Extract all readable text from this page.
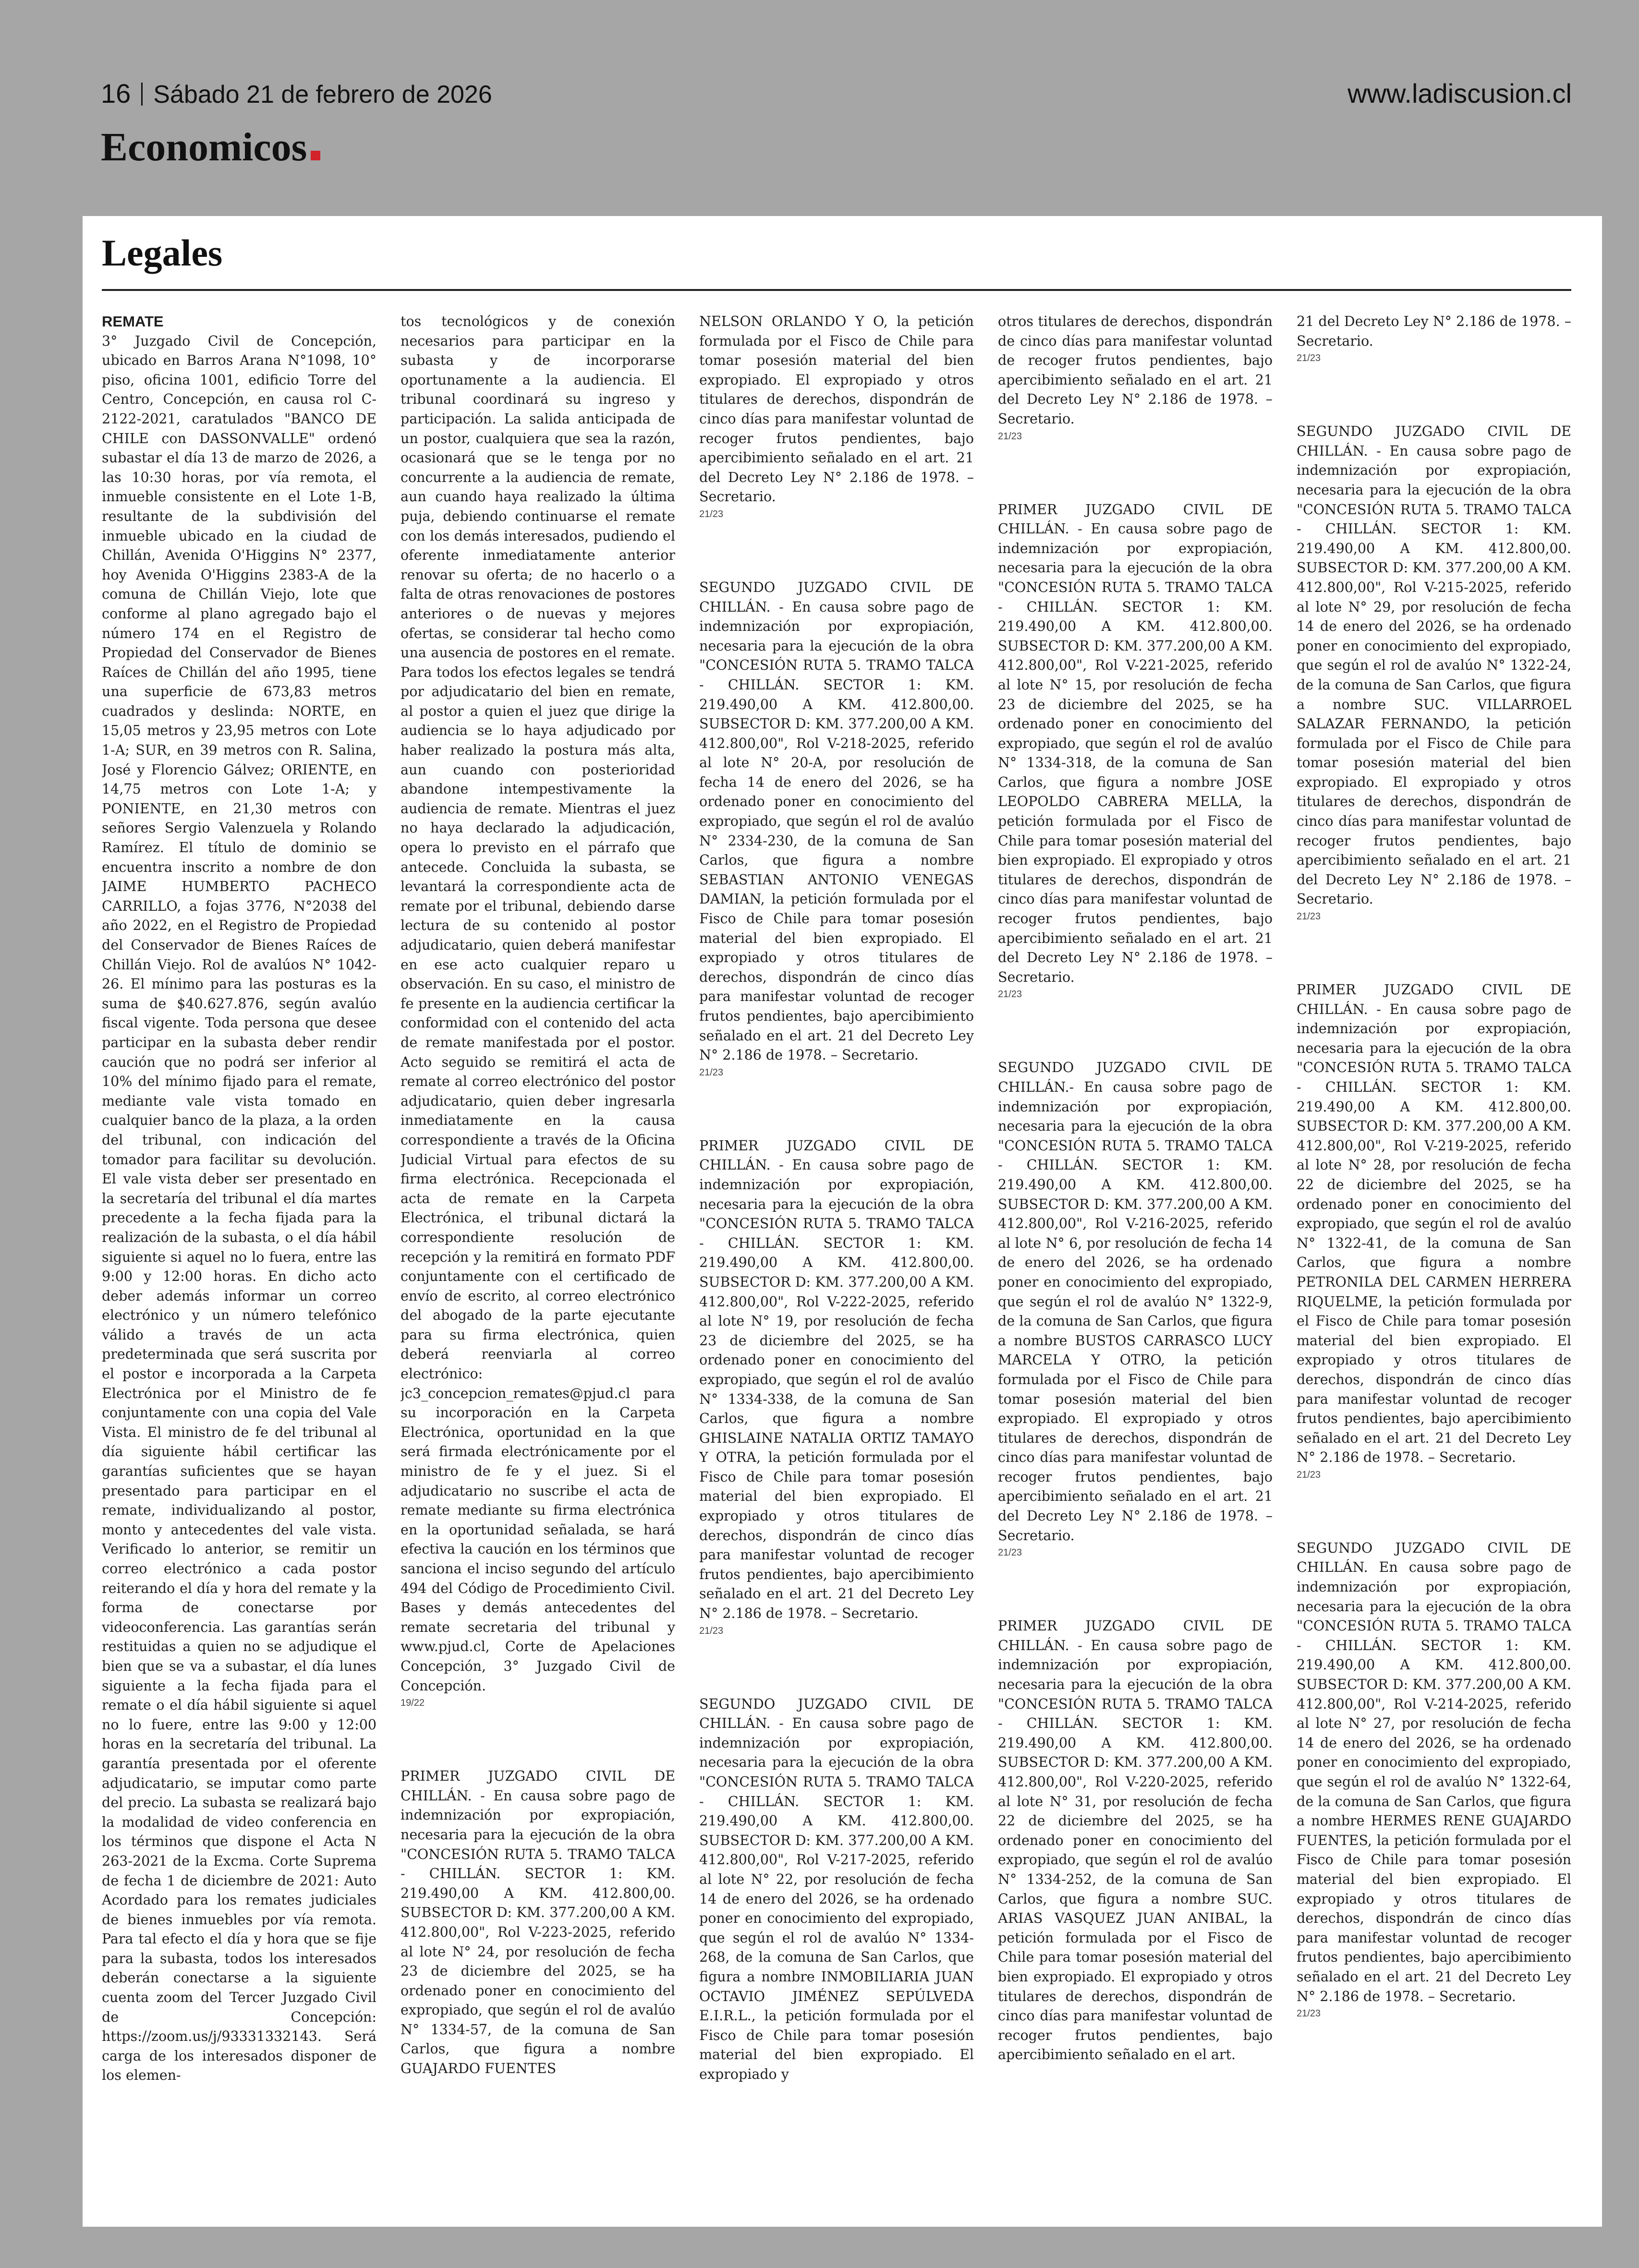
16 Sábado 21 de febrero de 2026	www.ladiscusion.cl
Economicos
Legales
REMATE
3° Juzgado Civil de Concepción, ubicado en Barros Arana N°1098, 10° piso, oficina 1001, edificio Torre del Centro, Concepción, en causa rol C-2122-2021, caratulados "BANCO DE CHILE con DASSONVALLE" ordenó subastar el día 13 de marzo de 2026, a las 10:30 horas, por vía remota, el inmueble consistente en el Lote 1-B, resultante de la subdivisión del inmueble ubicado en la ciudad de Chillán, Avenida O'Higgins N° 2377, hoy Avenida O'Higgins 2383-A de la comuna de Chillán Viejo, lote que conforme al plano agregado bajo el número 174 en el Registro de Propiedad del Conservador de Bienes Raíces de Chillán del año 1995, tiene una superficie de 673,83 metros cuadrados y deslinda: NORTE, en 15,05 metros y 23,95 metros con Lote 1-A; SUR, en 39 metros con R. Salina, José y Florencio Gálvez; ORIENTE, en 14,75 metros con Lote 1-A; y PONIENTE, en 21,30 metros con señores Sergio Valenzuela y Rolando Ramírez. El título de dominio se encuentra inscrito a nombre de don JAIME HUMBERTO PACHECO CARRILLO, a fojas 3776, N°2038 del año 2022, en el Registro de Propiedad del Conservador de Bienes Raíces de Chillán Viejo. Rol de avalúos N° 1042-26. El mínimo para las posturas es la suma de $40.627.876, según avalúo fiscal vigente. Toda persona que desee participar en la subasta deber rendir caución que no podrá ser inferior al 10% del mínimo fijado para el remate, mediante vale vista tomado en cualquier banco de la plaza, a la orden del tribunal, con indicación del tomador para facilitar su devolución. El vale vista deber ser presentado en la secretaría del tribunal el día martes precedente a la fecha fijada para la realización de la subasta, o el día hábil siguiente si aquel no lo fuera, entre las 9:00 y 12:00 horas. En dicho acto deber además informar un correo electrónico y un número telefónico válido a través de un acta predeterminada que será suscrita por el postor e incorporada a la Carpeta Electrónica por el Ministro de fe conjuntamente con una copia del Vale Vista. El ministro de fe del tribunal al día siguiente hábil certificar las garantías suficientes que se hayan presentado para participar en el remate, individualizando al postor, monto y antecedentes del vale vista. Verificado lo anterior, se remitir un correo electrónico a cada postor reiterando el día y hora del remate y la forma de conectarse por videoconferencia. Las garantías serán restituidas a quien no se adjudique el bien que se va a subastar, el día lunes siguiente a la fecha fijada para el remate o el día hábil siguiente si aquel no lo fuere, entre las 9:00 y 12:00 horas en la secretaría del tribunal. La garantía presentada por el oferente adjudicatario, se imputar como parte del precio. La subasta se realizará bajo la modalidad de video conferencia en los términos que dispone el Acta N 263-2021 de la Excma. Corte Suprema de fecha 1 de diciembre de 2021: Auto Acordado para los remates judiciales de bienes inmuebles por vía remota. Para tal efecto el día y hora que se fije para la subasta, todos los interesados deberán conectarse a la siguiente cuenta zoom del Tercer Juzgado Civil de Concepción: https://zoom.us/j/93331332143. Será carga de los interesados disponer de los elemen-
tos tecnológicos y de conexión necesarios para participar en la subasta y de incorporarse oportunamente a la audiencia. El tribunal coordinará su ingreso y participación. La salida anticipada de un postor, cualquiera que sea la razón, ocasionará que se le tenga por no concurrente a la audiencia de remate, aun cuando haya realizado la última puja, debiendo continuarse el remate con los demás interesados, pudiendo el oferente inmediatamente anterior renovar su oferta; de no hacerlo o a falta de otras renovaciones de postores anteriores o de nuevas y mejores ofertas, se considerar tal hecho como una ausencia de postores en el remate. Para todos los efectos legales se tendrá por adjudicatario del bien en remate, al postor a quien el juez que dirige la audiencia se lo haya adjudicado por haber realizado la postura más alta, aun cuando con posterioridad abandone intempestivamente la audiencia de remate. Mientras el juez no haya declarado la adjudicación, opera lo previsto en el párrafo que antecede. Concluida la subasta, se levantará la correspondiente acta de remate por el tribunal, debiendo darse lectura de su contenido al postor adjudicatario, quien deberá manifestar en ese acto cualquier reparo u observación. En su caso, el ministro de fe presente en la audiencia certificar la conformidad con el contenido del acta de remate manifestada por el postor. Acto seguido se remitirá el acta de remate al correo electrónico del postor adjudicatario, quien deber ingresarla inmediatamente en la causa correspondiente a través de la Oficina Judicial Virtual para efectos de su firma electrónica. Recepcionada el acta de remate en la Carpeta Electrónica, el tribunal dictará la correspondiente resolución de recepción y la remitirá en formato PDF conjuntamente con el certificado de envío de escrito, al correo electrónico del abogado de la parte ejecutante para su firma electrónica, quien deberá reenviarla al correo electrónico: jc3_concepcion_remates@pjud.cl para su incorporación en la Carpeta Electrónica, oportunidad en la que será firmada electrónicamente por el ministro de fe y el juez. Si el adjudicatario no suscribe el acta de remate mediante su firma electrónica en la oportunidad señalada, se hará efectiva la caución en los términos que sanciona el inciso segundo del artículo 494 del Código de Procedimiento Civil. Bases y demás antecedentes del remate secretaria del tribunal y www.pjud.cl, Corte de Apelaciones Concepción, 3° Juzgado Civil de Concepción.
19/22
PRIMER JUZGADO CIVIL DE CHILLÁN. - En causa sobre pago de indemnización por expropiación, necesaria para la ejecución de la obra "CONCESIÓN RUTA 5. TRAMO TALCA - CHILLÁN. SECTOR 1: KM. 219.490,00 A KM. 412.800,00. SUBSECTOR D: KM. 377.200,00 A KM. 412.800,00", Rol V-223-2025, referido al lote N° 24, por resolución de fecha 23 de diciembre del 2025, se ha ordenado poner en conocimiento del expropiado, que según el rol de avalúo N° 1334-57, de la comuna de San Carlos, que figura a nombre GUAJARDO FUENTES
NELSON ORLANDO Y O, la petición formulada por el Fisco de Chile para tomar posesión material del bien expropiado. El expropiado y otros titulares de derechos, dispondrán de cinco días para manifestar voluntad de recoger frutos pendientes, bajo apercibimiento señalado en el art. 21 del Decreto Ley N° 2.186 de 1978. – Secretario.
21/23
SEGUNDO JUZGADO CIVIL DE CHILLÁN. - En causa sobre pago de indemnización por expropiación, necesaria para la ejecución de la obra "CONCESIÓN RUTA 5. TRAMO TALCA - CHILLÁN. SECTOR 1: KM. 219.490,00 A KM. 412.800,00. SUBSECTOR D: KM. 377.200,00 A KM. 412.800,00", Rol V-218-2025, referido al lote N° 20-A, por resolución de fecha 14 de enero del 2026, se ha ordenado poner en conocimiento del expropiado, que según el rol de avalúo N° 2334-230, de la comuna de San Carlos, que figura a nombre SEBASTIAN ANTONIO VENEGAS DAMIAN, la petición formulada por el Fisco de Chile para tomar posesión material del bien expropiado. El expropiado y otros titulares de derechos, dispondrán de cinco días para manifestar voluntad de recoger frutos pendientes, bajo apercibimiento señalado en el art. 21 del Decreto Ley N° 2.186 de 1978. – Secretario.
21/23
PRIMER JUZGADO CIVIL DE CHILLÁN. - En causa sobre pago de indemnización por expropiación, necesaria para la ejecución de la obra "CONCESIÓN RUTA 5. TRAMO TALCA - CHILLÁN. SECTOR 1: KM. 219.490,00 A KM. 412.800,00. SUBSECTOR D: KM. 377.200,00 A KM. 412.800,00", Rol V-222-2025, referido al lote N° 19, por resolución de fecha 23 de diciembre del 2025, se ha ordenado poner en conocimiento del expropiado, que según el rol de avalúo N° 1334-338, de la comuna de San Carlos, que figura a nombre GHISLAINE NATALIA ORTIZ TAMAYO Y OTRA, la petición formulada por el Fisco de Chile para tomar posesión material del bien expropiado. El expropiado y otros titulares de derechos, dispondrán de cinco días para manifestar voluntad de recoger frutos pendientes, bajo apercibimiento señalado en el art. 21 del Decreto Ley N° 2.186 de 1978. – Secretario.
21/23
SEGUNDO JUZGADO CIVIL DE CHILLÁN. - En causa sobre pago de indemnización por expropiación, necesaria para la ejecución de la obra "CONCESIÓN RUTA 5. TRAMO TALCA - CHILLÁN. SECTOR 1: KM. 219.490,00 A KM. 412.800,00. SUBSECTOR D: KM. 377.200,00 A KM. 412.800,00", Rol V-217-2025, referido al lote N° 22, por resolución de fecha 14 de enero del 2026, se ha ordenado poner en conocimiento del expropiado, que según el rol de avalúo N° 1334-268, de la comuna de San Carlos, que figura a nombre INMOBILIARIA JUAN OCTAVIO JIMÉNEZ SEPÚLVEDA E.I.R.L., la petición formulada por el Fisco de Chile para tomar posesión material del bien expropiado. El expropiado y
otros titulares de derechos, dispondrán de cinco días para manifestar voluntad de recoger frutos pendientes, bajo apercibimiento señalado en el art. 21 del Decreto Ley N° 2.186 de 1978. – Secretario.
21/23
PRIMER JUZGADO CIVIL DE CHILLÁN. - En causa sobre pago de indemnización por expropiación, necesaria para la ejecución de la obra "CONCESIÓN RUTA 5. TRAMO TALCA - CHILLÁN. SECTOR 1: KM. 219.490,00 A KM. 412.800,00. SUBSECTOR D: KM. 377.200,00 A KM. 412.800,00", Rol V-221-2025, referido al lote N° 15, por resolución de fecha 23 de diciembre del 2025, se ha ordenado poner en conocimiento del expropiado, que según el rol de avalúo N° 1334-318, de la comuna de San Carlos, que figura a nombre JOSE LEOPOLDO CABRERA MELLA, la petición formulada por el Fisco de Chile para tomar posesión material del bien expropiado. El expropiado y otros titulares de derechos, dispondrán de cinco días para manifestar voluntad de recoger frutos pendientes, bajo apercibimiento señalado en el art. 21 del Decreto Ley N° 2.186 de 1978. – Secretario.
21/23
SEGUNDO JUZGADO CIVIL DE CHILLÁN.- En causa sobre pago de indemnización por expropiación, necesaria para la ejecución de la obra "CONCESIÓN RUTA 5. TRAMO TALCA - CHILLÁN. SECTOR 1: KM. 219.490,00 A KM. 412.800,00. SUBSECTOR D: KM. 377.200,00 A KM. 412.800,00", Rol V-216-2025, referido al lote N° 6, por resolución de fecha 14 de enero del 2026, se ha ordenado poner en conocimiento del expropiado, que según el rol de avalúo N° 1322-9, de la comuna de San Carlos, que figura a nombre BUSTOS CARRASCO LUCY MARCELA Y OTRO, la petición formulada por el Fisco de Chile para tomar posesión material del bien expropiado. El expropiado y otros titulares de derechos, dispondrán de cinco días para manifestar voluntad de recoger frutos pendientes, bajo apercibimiento señalado en el art. 21 del Decreto Ley N° 2.186 de 1978. – Secretario.
21/23
PRIMER JUZGADO CIVIL DE CHILLÁN. - En causa sobre pago de indemnización por expropiación, necesaria para la ejecución de la obra "CONCESIÓN RUTA 5. TRAMO TALCA - CHILLÁN. SECTOR 1: KM. 219.490,00 A KM. 412.800,00. SUBSECTOR D: KM. 377.200,00 A KM. 412.800,00", Rol V-220-2025, referido al lote N° 31, por resolución de fecha 22 de diciembre del 2025, se ha ordenado poner en conocimiento del expropiado, que según el rol de avalúo N° 1334-252, de la comuna de San Carlos, que figura a nombre SUC. ARIAS VASQUEZ JUAN ANIBAL, la petición formulada por el Fisco de Chile para tomar posesión material del bien expropiado. El expropiado y otros titulares de derechos, dispondrán de cinco días para manifestar voluntad de recoger frutos pendientes, bajo apercibimiento señalado en el art.
21 del Decreto Ley N° 2.186 de 1978. – Secretario.
21/23
SEGUNDO JUZGADO CIVIL DE CHILLÁN. - En causa sobre pago de indemnización por expropiación, necesaria para la ejecución de la obra "CONCESIÓN RUTA 5. TRAMO TALCA - CHILLÁN. SECTOR 1: KM. 219.490,00 A KM. 412.800,00. SUBSECTOR D: KM. 377.200,00 A KM. 412.800,00", Rol V-215-2025, referido al lote N° 29, por resolución de fecha 14 de enero del 2026, se ha ordenado poner en conocimiento del expropiado, que según el rol de avalúo N° 1322-24, de la comuna de San Carlos, que figura a nombre SUC. VILLARROEL SALAZAR FERNANDO, la petición formulada por el Fisco de Chile para tomar posesión material del bien expropiado. El expropiado y otros titulares de derechos, dispondrán de cinco días para manifestar voluntad de recoger frutos pendientes, bajo apercibimiento señalado en el art. 21 del Decreto Ley N° 2.186 de 1978. – Secretario.
21/23
PRIMER JUZGADO CIVIL DE CHILLÁN. - En causa sobre pago de indemnización por expropiación, necesaria para la ejecución de la obra "CONCESIÓN RUTA 5. TRAMO TALCA - CHILLÁN. SECTOR 1: KM. 219.490,00 A KM. 412.800,00. SUBSECTOR D: KM. 377.200,00 A KM. 412.800,00", Rol V-219-2025, referido al lote N° 28, por resolución de fecha 22 de diciembre del 2025, se ha ordenado poner en conocimiento del expropiado, que según el rol de avalúo N° 1322-41, de la comuna de San Carlos, que figura a nombre PETRONILA DEL CARMEN HERRERA RIQUELME, la petición formulada por el Fisco de Chile para tomar posesión material del bien expropiado. El expropiado y otros titulares de derechos, dispondrán de cinco días para manifestar voluntad de recoger frutos pendientes, bajo apercibimiento señalado en el art. 21 del Decreto Ley N° 2.186 de 1978. – Secretario.
21/23
SEGUNDO JUZGADO CIVIL DE CHILLÁN. En causa sobre pago de indemnización por expropiación, necesaria para la ejecución de la obra "CONCESIÓN RUTA 5. TRAMO TALCA - CHILLÁN. SECTOR 1: KM. 219.490,00 A KM. 412.800,00. SUBSECTOR D: KM. 377.200,00 A KM. 412.800,00", Rol V-214-2025, referido al lote N° 27, por resolución de fecha 14 de enero del 2026, se ha ordenado poner en conocimiento del expropiado, que según el rol de avalúo N° 1322-64, de la comuna de San Carlos, que figura a nombre HERMES RENE GUAJARDO FUENTES, la petición formulada por el Fisco de Chile para tomar posesión material del bien expropiado. El expropiado y otros titulares de derechos, dispondrán de cinco días para manifestar voluntad de recoger frutos pendientes, bajo apercibimiento señalado en el art. 21 del Decreto Ley N° 2.186 de 1978. – Secretario.
21/23
